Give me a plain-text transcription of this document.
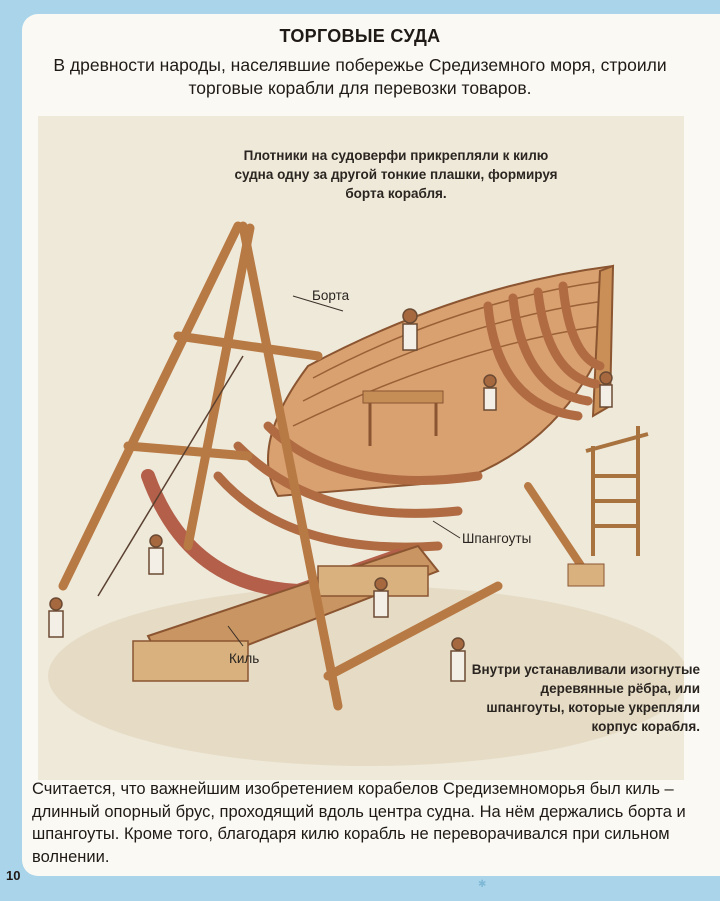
ТОРГОВЫЕ СУДА
В древности народы, населявшие побережье Средиземного моря, строили торговые корабли для перевозки товаров.
Плотники на судоверфи прикрепляли к килю судна одну за другой тонкие плашки, формируя борта корабля.
Внутри устанавливали изогнутые деревянные рёбра, или шпангоуты, которые укрепляли корпус корабля.
Борта
Шпангоуты
Киль
Считается, что важнейшим изобретением корабелов Средиземноморья был киль – длинный опорный брус, проходящий вдоль центра судна. На нём держались борта и шпангоуты. Кроме того, благодаря килю корабль не переворачивался при сильном волнении.
10
✱
